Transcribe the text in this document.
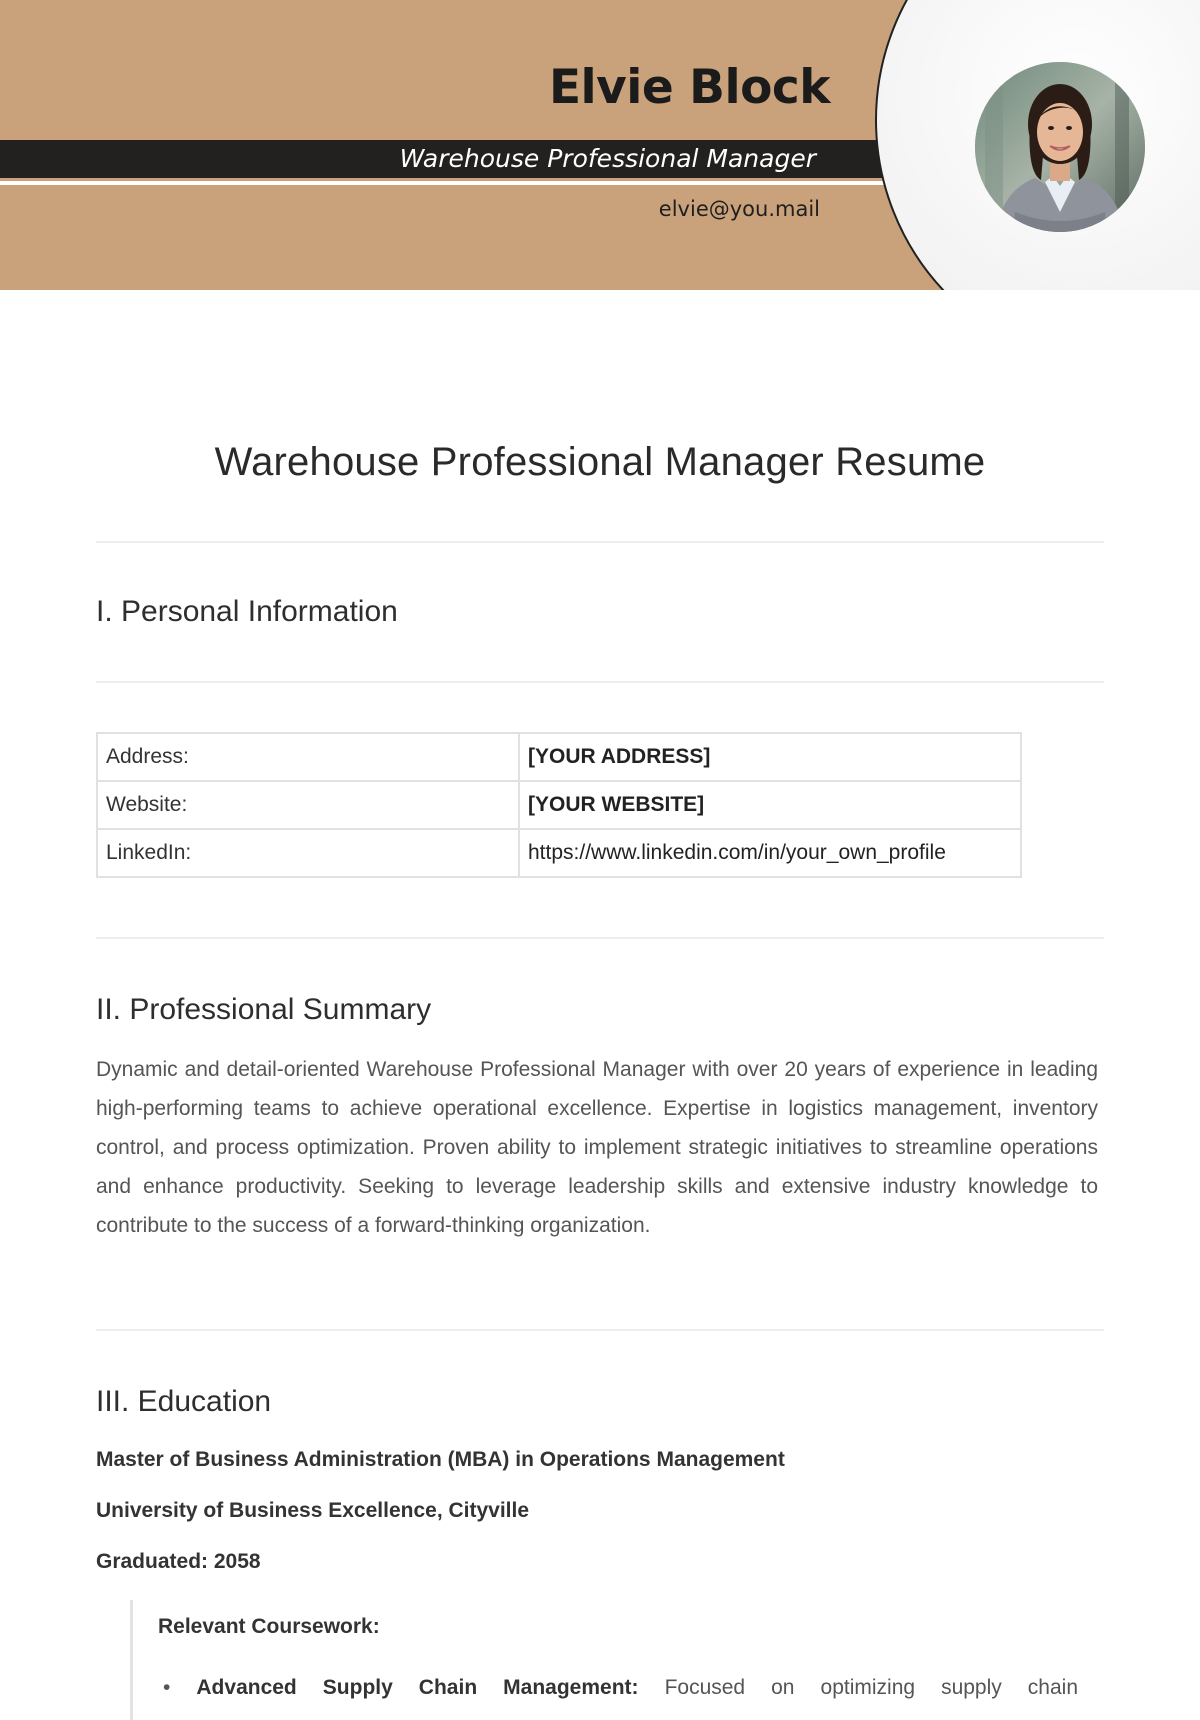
Elvie Block

Warehouse Professional Manager

elvie@you.mail

Warehouse Professional Manager Resume
I. Personal Information
Address:	[YOUR ADDRESS]
Website:	[YOUR WEBSITE]
LinkedIn:	https://www.linkedin.com/in/your_own_profile
II. Professional Summary

Dynamic and detail-oriented Warehouse Professional Manager with over 20 years of experience in leading high-performing teams to achieve operational excellence. Expertise in logistics management, inventory control, and process optimization. Proven ability to implement strategic initiatives to streamline operations and enhance productivity. Seeking to leverage leadership skills and extensive industry knowledge to contribute to the success of a forward-thinking organization.

III. Education

Master of Business Administration (MBA) in Operations Management

University of Business Excellence, Cityville

Graduated: 2058

Relevant Coursework:

• Advanced Supply Chain Management: Focused on optimizing supply chain
